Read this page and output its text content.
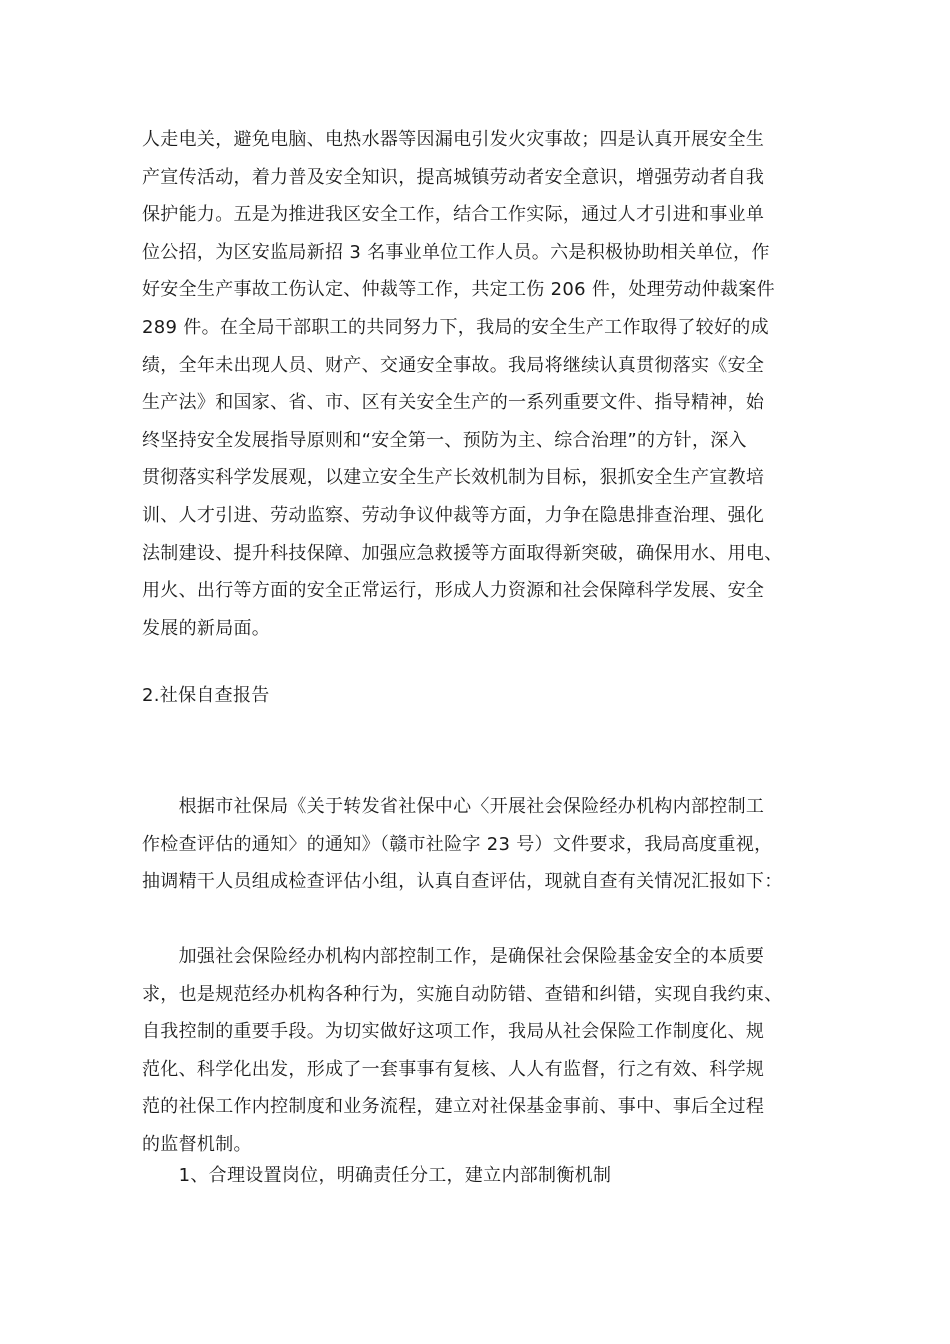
人走电关，避免电脑、电热水器等因漏电引发火灾事故；四是认真开展安全生
产宣传活动，着力普及安全知识，提高城镇劳动者安全意识，增强劳动者自我
保护能力。五是为推进我区安全工作，结合工作实际，通过人才引进和事业单
位公招，为区安监局新招 3 名事业单位工作人员。六是积极协助相关单位，作
好安全生产事故工伤认定、仲裁等工作，共定工伤 206 件，处理劳动仲裁案件
289 件。在全局干部职工的共同努力下，我局的安全生产工作取得了较好的成
绩，全年未出现人员、财产、交通安全事故。我局将继续认真贯彻落实《安全
生产法》和国家、省、市、区有关安全生产的一系列重要文件、指导精神，始
终坚持安全发展指导原则和“安全第一、预防为主、综合治理”的方针，深入
贯彻落实科学发展观，以建立安全生产长效机制为目标，狠抓安全生产宣教培
训、人才引进、劳动监察、劳动争议仲裁等方面，力争在隐患排查治理、强化
法制建设、提升科技保障、加强应急救援等方面取得新突破，确保用水、用电、
用火、出行等方面的安全正常运行，形成人力资源和社会保障科学发展、安全
发展的新局面。
2.社保自查报告
　　根据市社保局《关于转发省社保中心〈开展社会保险经办机构内部控制工
作检查评估的通知〉的通知》（赣市社险字 23 号）文件要求，我局高度重视，
抽调精干人员组成检查评估小组，认真自查评估，现就自查有关情况汇报如下：
　　加强社会保险经办机构内部控制工作，是确保社会保险基金安全的本质要
求，也是规范经办机构各种行为，实施自动防错、查错和纠错，实现自我约束、
自我控制的重要手段。为切实做好这项工作，我局从社会保险工作制度化、规
范化、科学化出发，形成了一套事事有复核、人人有监督，行之有效、科学规
范的社保工作内控制度和业务流程，建立对社保基金事前、事中、事后全过程
的监督机制。
　　1、合理设置岗位，明确责任分工，建立内部制衡机制
